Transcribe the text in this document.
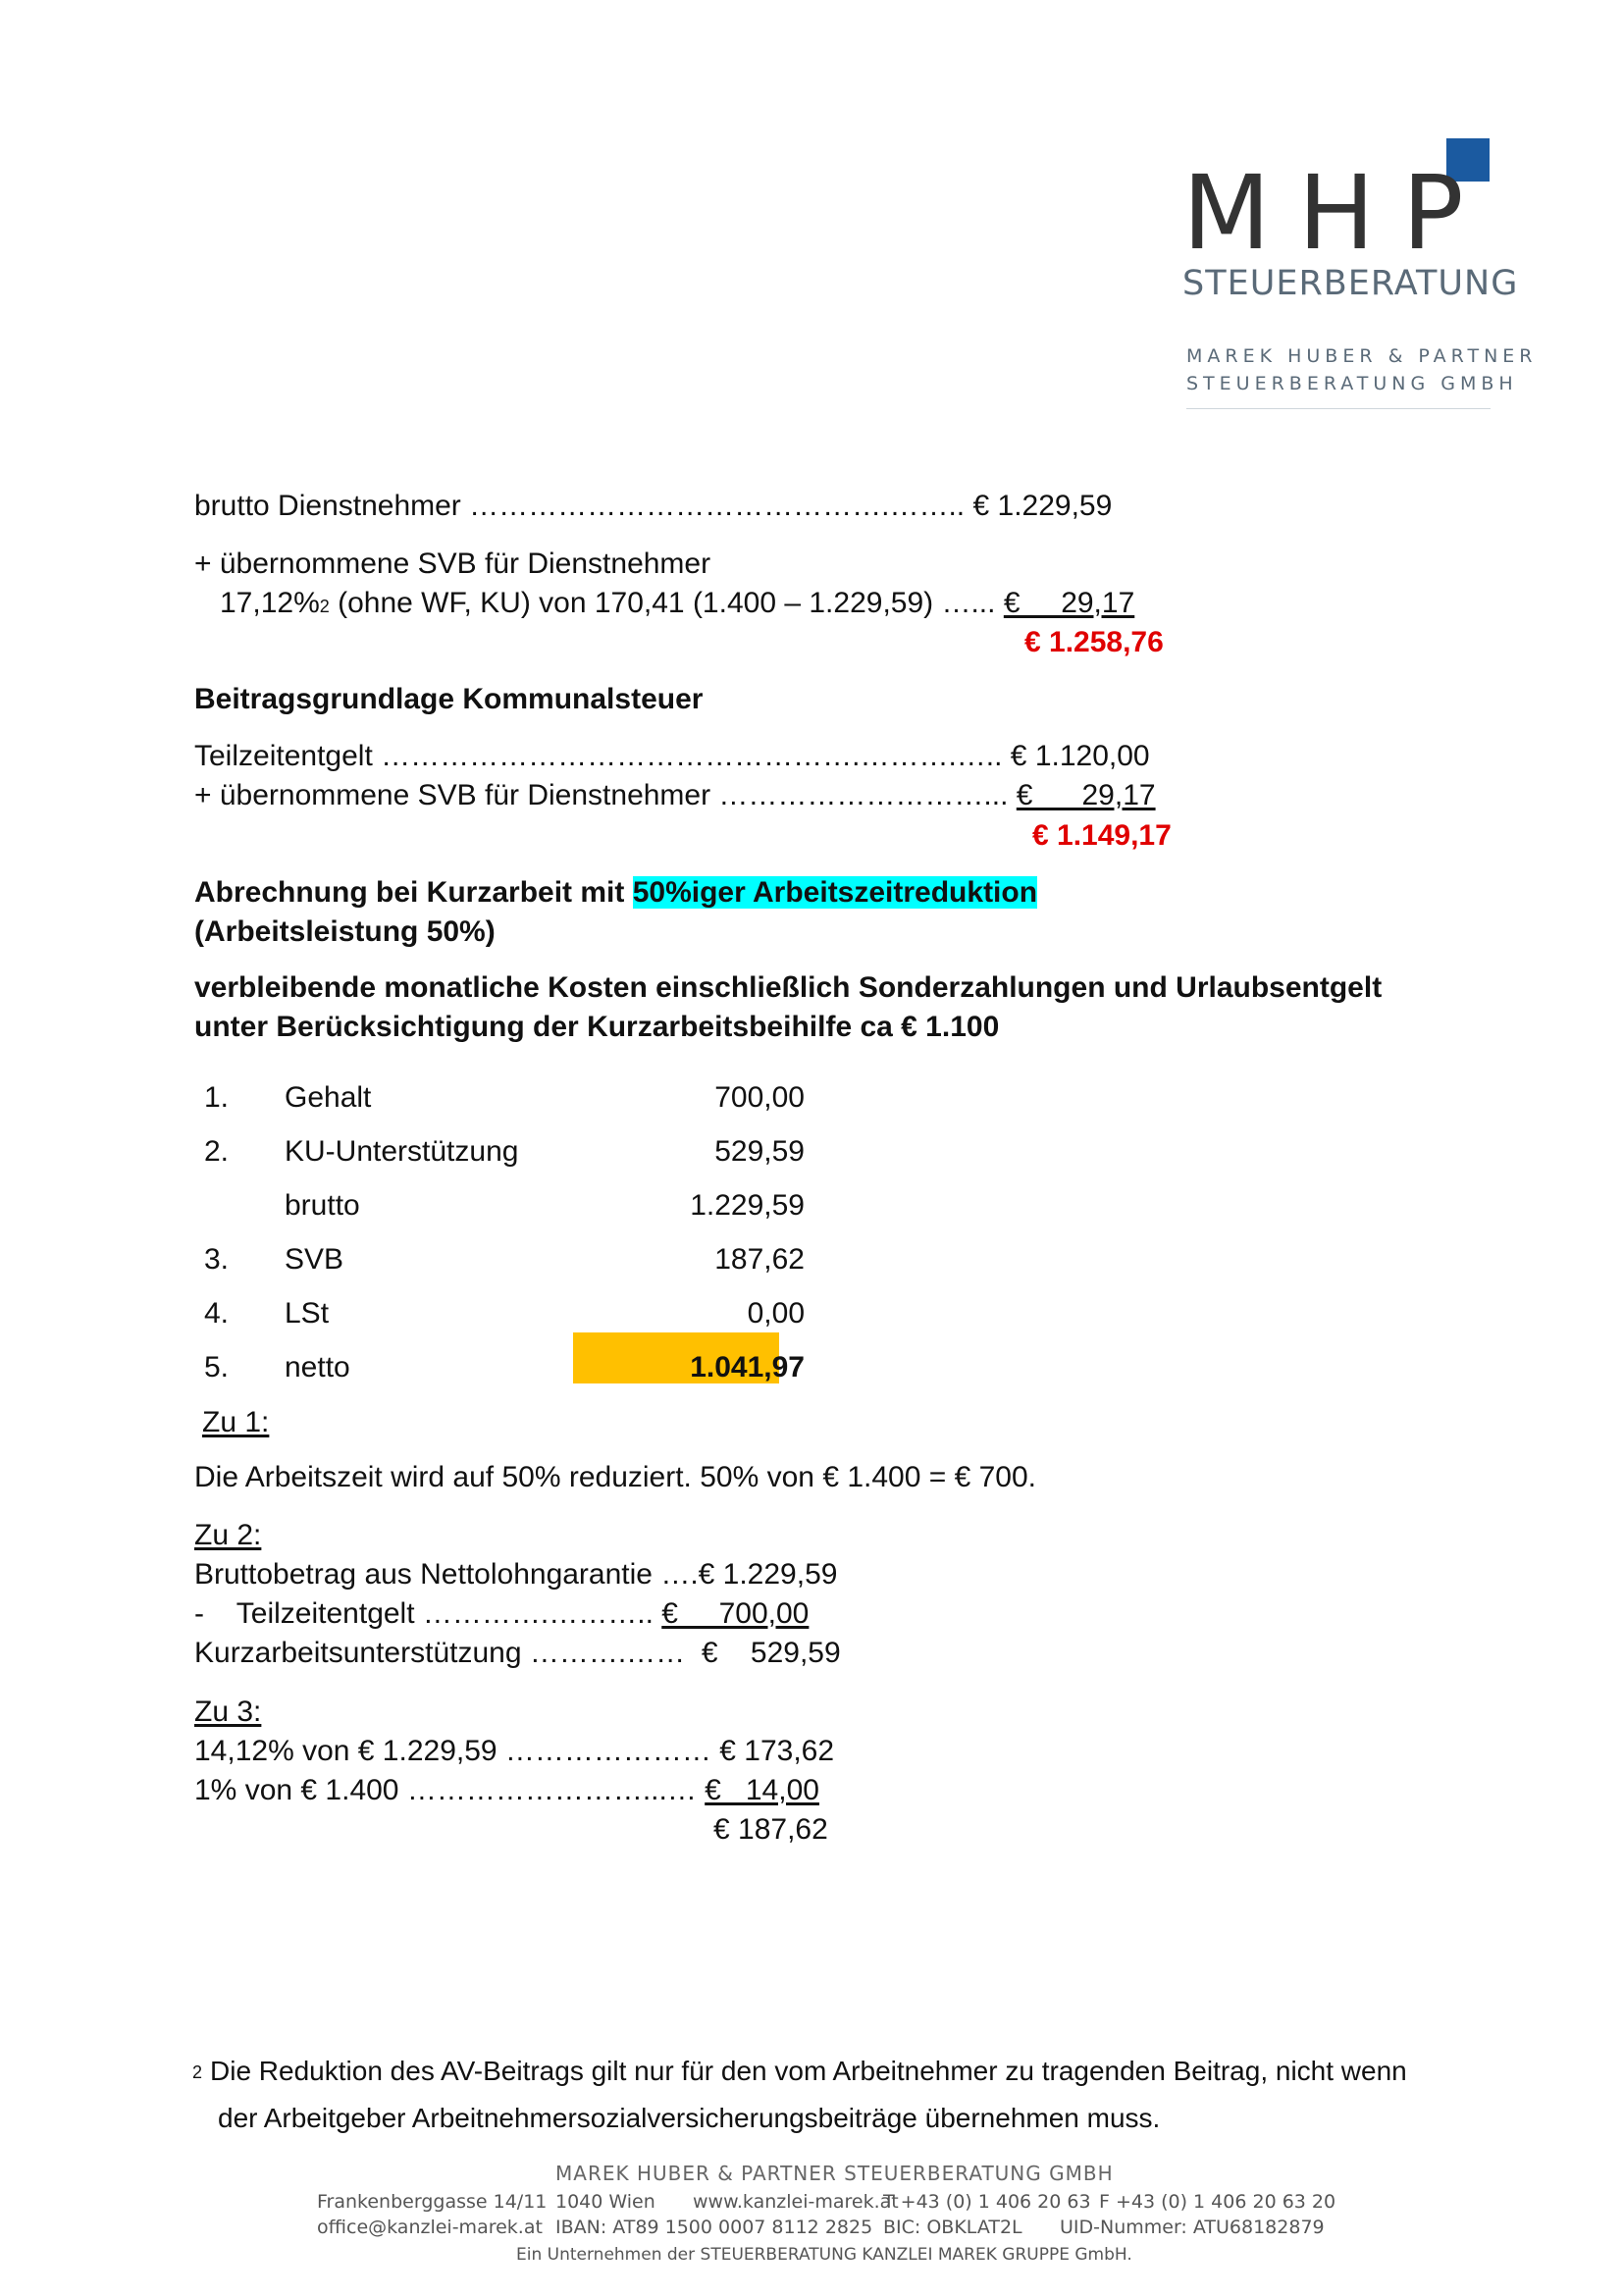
MHP
STEUERBERATUNG
MAREK HUBER & PARTNER
STEUERBERATUNG GMBH
brutto Dienstnehmer …………………………………….…….. € 1.229,59
+ übernommene SVB für Dienstnehmer
17,12%2 (ohne WF, KU) von 170,41 (1.400 – 1.229,59) …... €     29,17
€ 1.258,76
Beitragsgrundlage Kommunalsteuer
Teilzeitentgelt ………………………………………….……….….. € 1.120,00
+ übernommene SVB für Dienstnehmer ………………………... €      29,17
€ 1.149,17
Abrechnung bei Kurzarbeit mit 50%iger Arbeitszeitreduktion
(Arbeitsleistung 50%)
verbleibende monatliche Kosten einschließlich Sonderzahlungen und Urlaubsentgelt
unter Berücksichtigung der Kurzarbeitsbeihilfe ca € 1.100
1.	Gehalt	700,00
2.	KU-Unterstützung	529,59
brutto	1.229,59
3.	SVB	187,62
4.	LSt	0,00
5.	netto	1.041,97
Zu 1:
Die Arbeitszeit wird auf 50% reduziert. 50% von € 1.400 = € 700.
Zu 2:
Bruttobetrag aus Nettolohngarantie ….€ 1.229,59
-    Teilzeitentgelt ………….……….. €     700,00
Kurzarbeitsunterstützung ……….……  € 529,59
Zu 3:
14,12% von € 1.229,59 ………………… € 173,62
1% von € 1.400 ……………………...… €   14,00
€ 187,62
$^2$ Die Reduktion des AV-Beitrags gilt nur für den vom Arbeitnehmer zu tragenden Beitrag, nicht wenn
der Arbeitgeber Arbeitnehmersozialversicherungsbeiträge übernehmen muss.
MAREK HUBER & PARTNER STEUERBERATUNG GMBH
Frankenberggasse 14/11 1040 Wien www.kanzlei-marek.at
T +43 (0) 1 406 20 63 F +43 (0) 1 406 20 63 20
office@kanzlei-marek.at IBAN: AT89 1500 0007 8112 2825 BIC: OBKLAT2L UID-Nummer: ATU68182879
Ein Unternehmen der STEUERBERATUNG KANZLEI MAREK GRUPPE GmbH.
